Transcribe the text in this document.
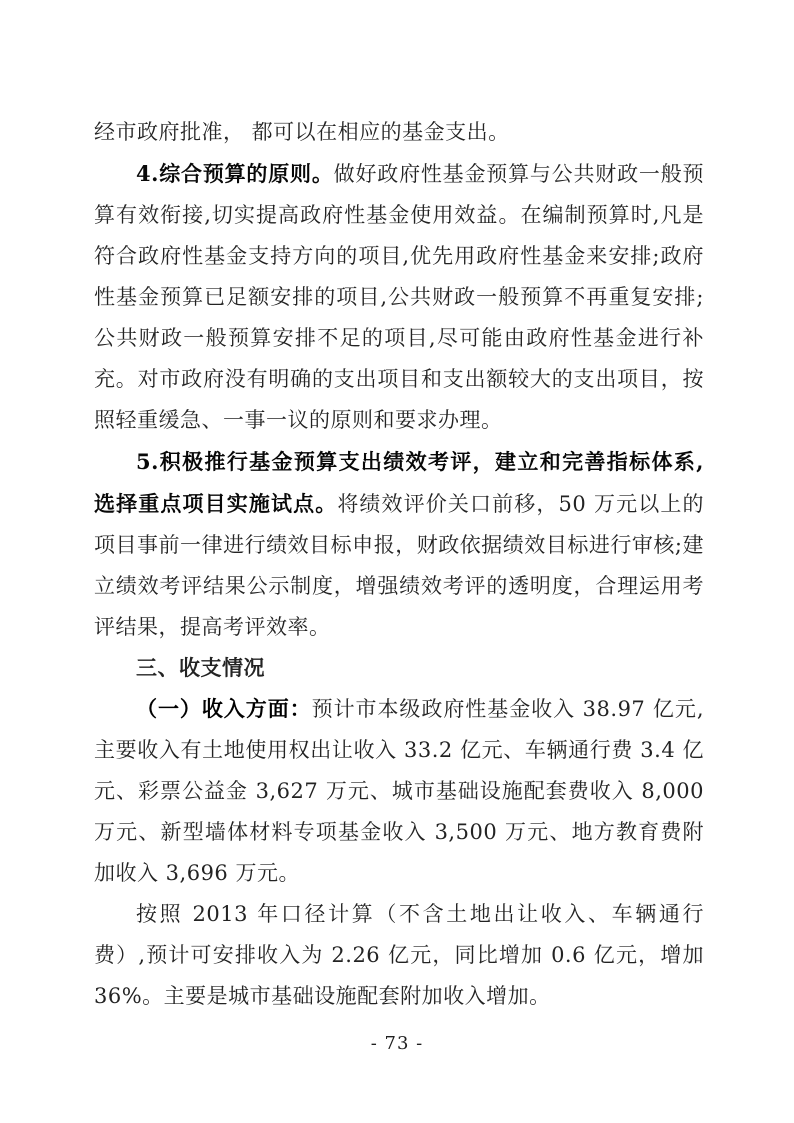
经市政府批准， 都可以在相应的基金支出。

4.综合预算的原则。做好政府性基金预算与公共财政一般预算有效衔接,切实提高政府性基金使用效益。在编制预算时,凡是符合政府性基金支持方向的项目,优先用政府性基金来安排;政府性基金预算已足额安排的项目,公共财政一般预算不再重复安排;公共财政一般预算安排不足的项目,尽可能由政府性基金进行补充。对市政府没有明确的支出项目和支出额较大的支出项目，按照轻重缓急、一事一议的原则和要求办理。

5.积极推行基金预算支出绩效考评，建立和完善指标体系,选择重点项目实施试点。将绩效评价关口前移，50 万元以上的项目事前一律进行绩效目标申报，财政依据绩效目标进行审核;建立绩效考评结果公示制度，增强绩效考评的透明度，合理运用考评结果，提高考评效率。

三、收支情况

（一）收入方面：预计市本级政府性基金收入 38.97 亿元,主要收入有土地使用权出让收入 33.2 亿元、车辆通行费 3.4 亿元、彩票公益金 3,627 万元、城市基础设施配套费收入 8,000 万元、新型墙体材料专项基金收入 3,500 万元、地方教育费附加收入 3,696 万元。

按照 2013 年口径计算（不含土地出让收入、车辆通行费）,预计可安排收入为 2.26 亿元，同比增加 0.6 亿元，增加 36%。主要是城市基础设施配套附加收入增加。

- 73 -
